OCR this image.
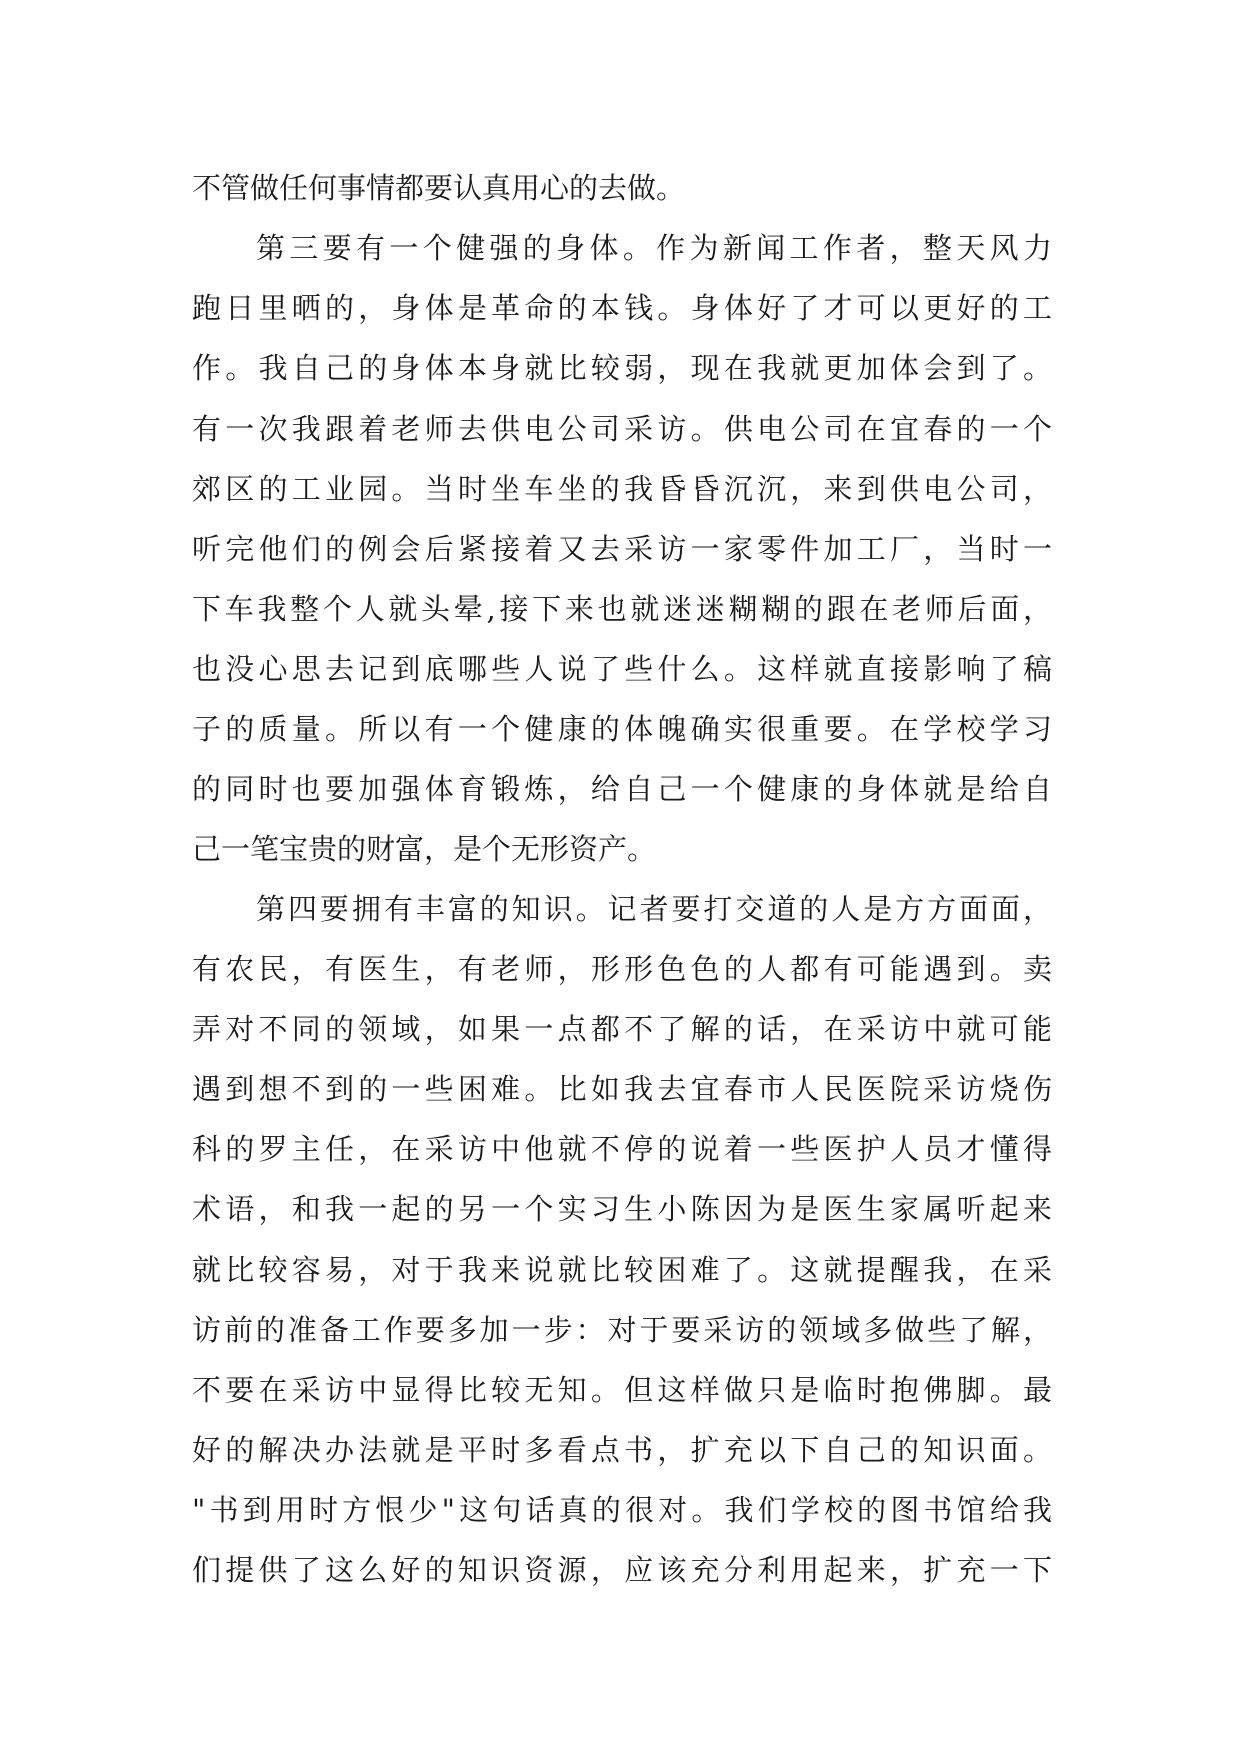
不管做任何事情都要认真用心的去做。
第三要有一个健强的身体。作为新闻工作者，整天风力
跑日里晒的，身体是革命的本钱。身体好了才可以更好的工
作。我自己的身体本身就比较弱，现在我就更加体会到了。
有一次我跟着老师去供电公司采访。供电公司在宜春的一个
郊区的工业园。当时坐车坐的我昏昏沉沉，来到供电公司，
听完他们的例会后紧接着又去采访一家零件加工厂，当时一
下车我整个人就头晕,接下来也就迷迷糊糊的跟在老师后面，
也没心思去记到底哪些人说了些什么。这样就直接影响了稿
子的质量。所以有一个健康的体魄确实很重要。在学校学习
的同时也要加强体育锻炼，给自己一个健康的身体就是给自
己一笔宝贵的财富，是个无形资产。
第四要拥有丰富的知识。记者要打交道的人是方方面面，
有农民，有医生，有老师，形形色色的人都有可能遇到。卖
弄对不同的领域，如果一点都不了解的话，在采访中就可能
遇到想不到的一些困难。比如我去宜春市人民医院采访烧伤
科的罗主任，在采访中他就不停的说着一些医护人员才懂得
术语，和我一起的另一个实习生小陈因为是医生家属听起来
就比较容易，对于我来说就比较困难了。这就提醒我，在采
访前的准备工作要多加一步：对于要采访的领域多做些了解，
不要在采访中显得比较无知。但这样做只是临时抱佛脚。最
好的解决办法就是平时多看点书，扩充以下自己的知识面。
"书到用时方恨少"这句话真的很对。我们学校的图书馆给我
们提供了这么好的知识资源，应该充分利用起来，扩充一下
